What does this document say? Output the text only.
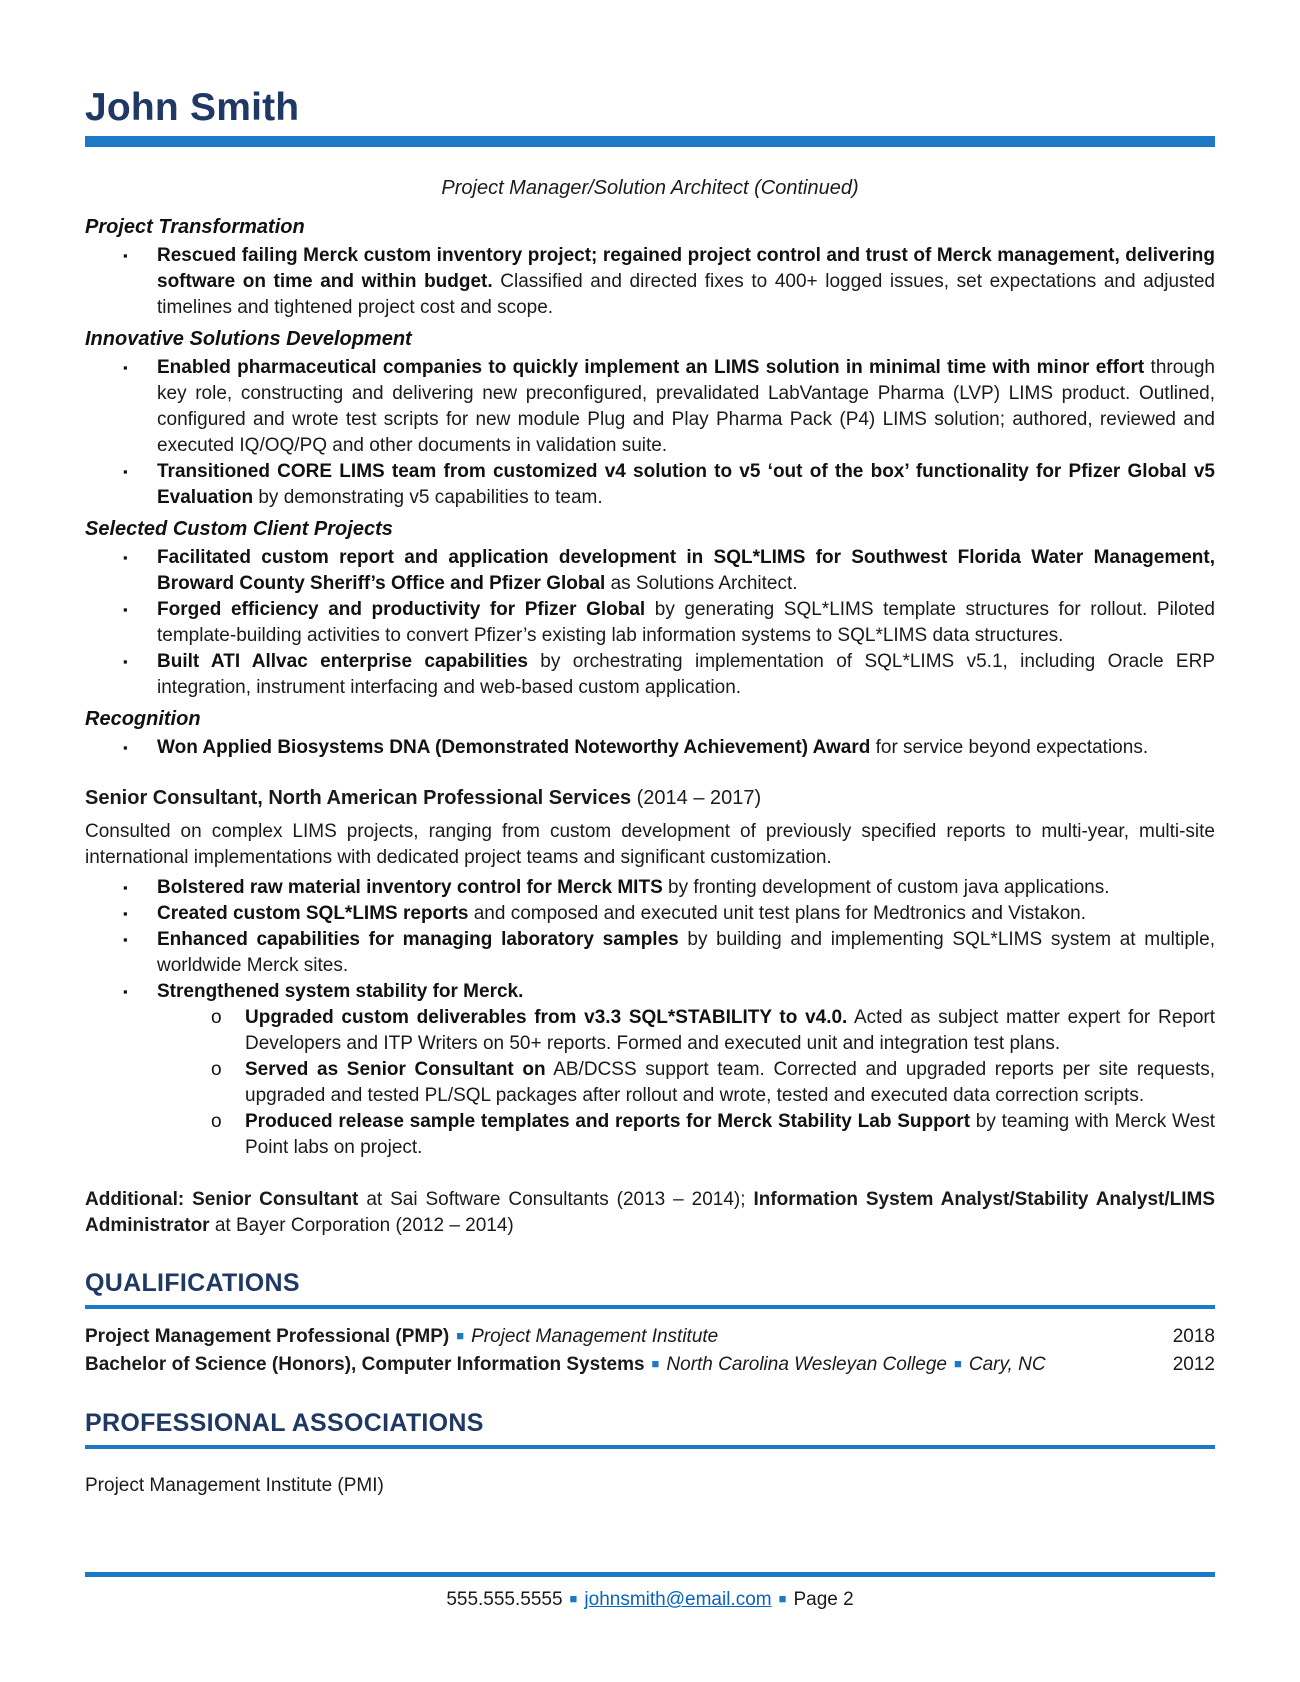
John Smith

Project Manager/Solution Architect (Continued)

Project Transformation

▪	Rescued failing Merck custom inventory project; regained project control and trust of Merck management, delivering software on time and within budget. Classified and directed fixes to 400+ logged issues, set expectations and adjusted timelines and tightened project cost and scope.

Innovative Solutions Development

▪	Enabled pharmaceutical companies to quickly implement an LIMS solution in minimal time with minor effort through key role, constructing and delivering new preconfigured, prevalidated LabVantage Pharma (LVP) LIMS product. Outlined, configured and wrote test scripts for new module Plug and Play Pharma Pack (P4) LIMS solution; authored, reviewed and executed IQ/OQ/PQ and other documents in validation suite.

▪	Transitioned CORE LIMS team from customized v4 solution to v5 ‘out of the box’ functionality for Pfizer Global v5 Evaluation by demonstrating v5 capabilities to team.

Selected Custom Client Projects

▪	Facilitated custom report and application development in SQL*LIMS for Southwest Florida Water Management, Broward County Sheriff’s Office and Pfizer Global as Solutions Architect.

▪	Forged efficiency and productivity for Pfizer Global by generating SQL*LIMS template structures for rollout. Piloted template-building activities to convert Pfizer’s existing lab information systems to SQL*LIMS data structures.

▪	Built ATI Allvac enterprise capabilities by orchestrating implementation of SQL*LIMS v5.1, including Oracle ERP integration, instrument interfacing and web-based custom application.

Recognition

▪	Won Applied Biosystems DNA (Demonstrated Noteworthy Achievement) Award for service beyond expectations.

Senior Consultant, North American Professional Services (2014 – 2017)

Consulted on complex LIMS projects, ranging from custom development of previously specified reports to multi-year, multi-site international implementations with dedicated project teams and significant customization.

▪	Bolstered raw material inventory control for Merck MITS by fronting development of custom java applications.

▪	Created custom SQL*LIMS reports and composed and executed unit test plans for Medtronics and Vistakon.

▪	Enhanced capabilities for managing laboratory samples by building and implementing SQL*LIMS system at multiple, worldwide Merck sites.

▪	Strengthened system stability for Merck.

o	Upgraded custom deliverables from v3.3 SQL*STABILITY to v4.0. Acted as subject matter expert for Report Developers and ITP Writers on 50+ reports. Formed and executed unit and integration test plans.

o	Served as Senior Consultant on AB/DCSS support team. Corrected and upgraded reports per site requests, upgraded and tested PL/SQL packages after rollout and wrote, tested and executed data correction scripts.

o	Produced release sample templates and reports for Merck Stability Lab Support by teaming with Merck West Point labs on project.

Additional: Senior Consultant at Sai Software Consultants (2013 – 2014); Information System Analyst/Stability Analyst/LIMS Administrator at Bayer Corporation (2012 – 2014)

QUALIFICATIONS

Project Management Professional (PMP) ■ Project Management Institute	2018

Bachelor of Science (Honors), Computer Information Systems ■ North Carolina Wesleyan College ■ Cary, NC	2012
PROFESSIONAL ASSOCIATIONS

Project Management Institute (PMI)

555.555.5555 ■ johnsmith@email.com ■ Page 2
